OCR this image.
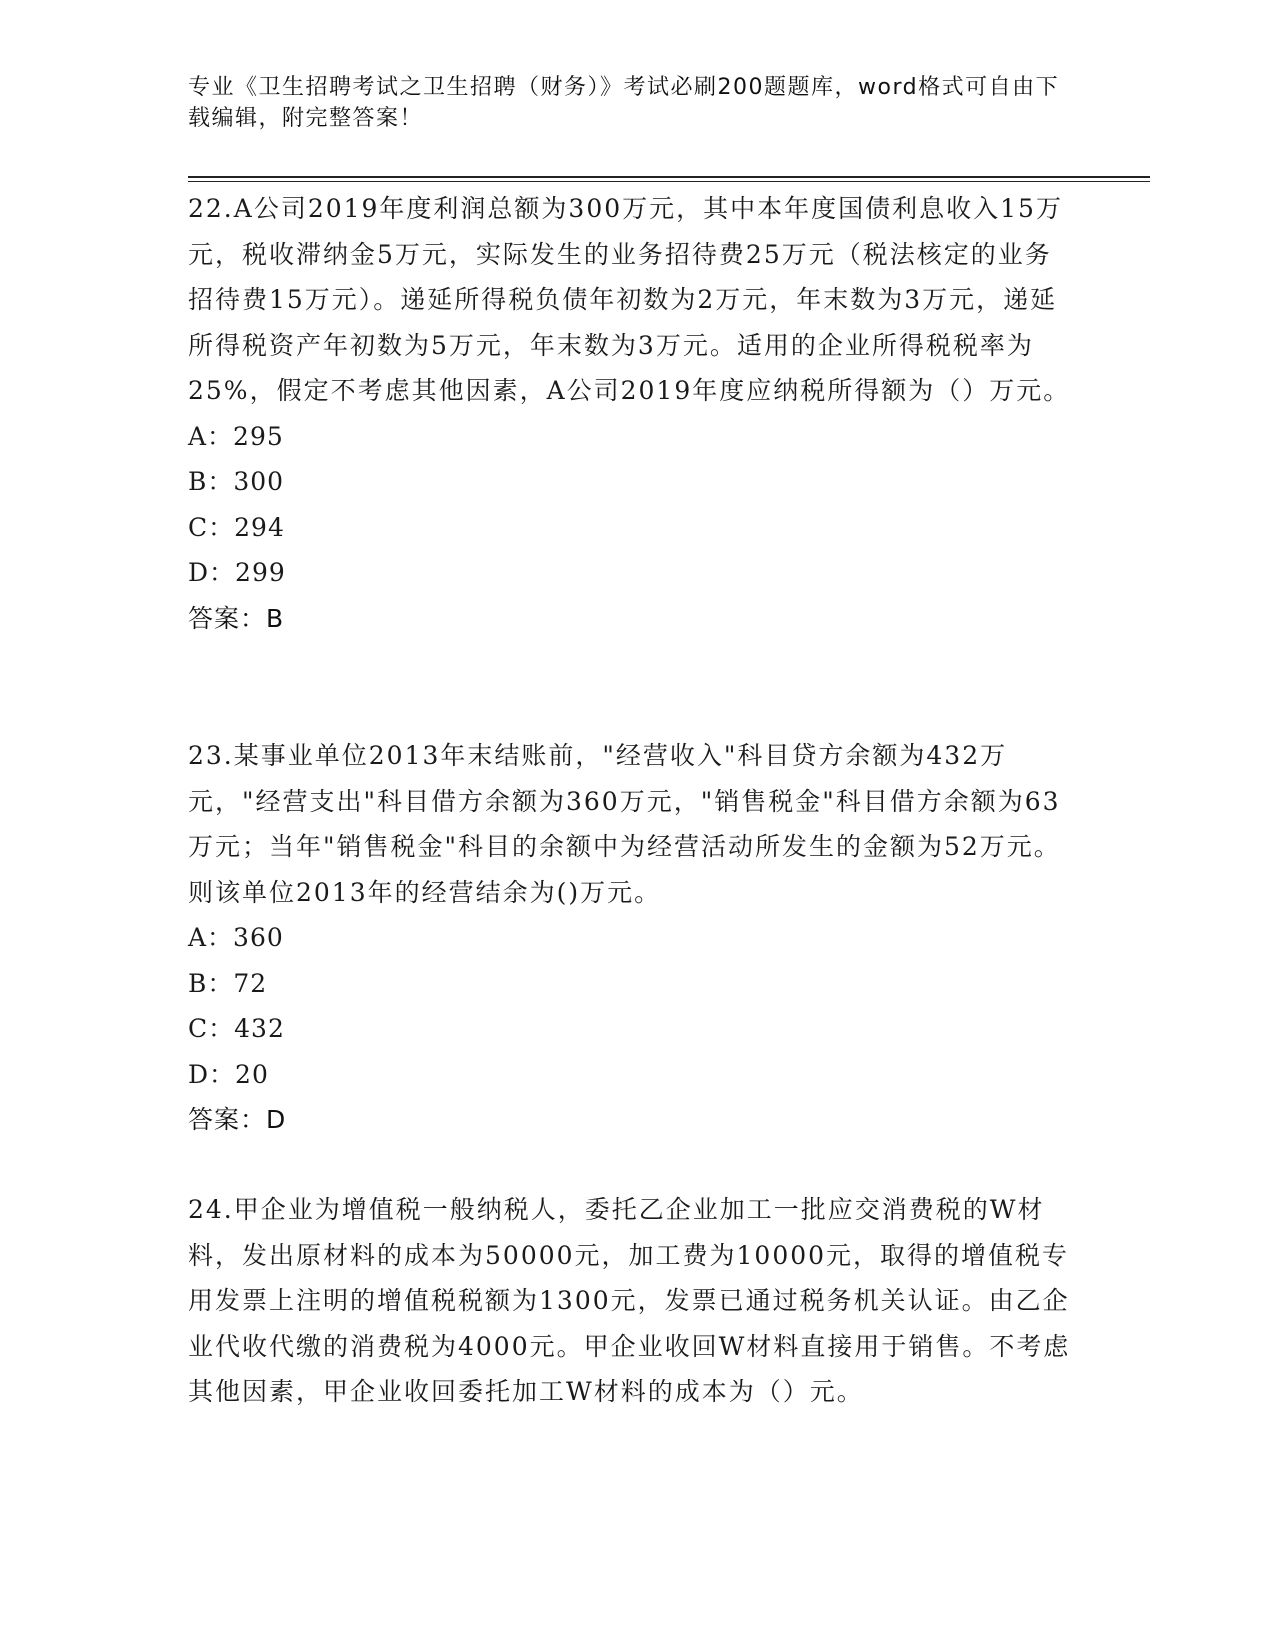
专业《卫生招聘考试之卫生招聘（财务）》考试必刷200题题库，word格式可自由下载编辑，附完整答案！

22.A公司2019年度利润总额为300万元，其中本年度国债利息收入15万元，税收滞纳金5万元，实际发生的业务招待费25万元（税法核定的业务招待费15万元）。递延所得税负债年初数为2万元，年末数为3万元，递延所得税资产年初数为5万元，年末数为3万元。适用的企业所得税税率为25%，假定不考虑其他因素，A公司2019年度应纳税所得额为（）万元。

A：295

B：300

C：294

D：299

答案：B

23.某事业单位2013年末结账前，"经营收入"科目贷方余额为432万元，"经营支出"科目借方余额为360万元，"销售税金"科目借方余额为63万元；当年"销售税金"科目的余额中为经营活动所发生的金额为52万元。则该单位2013年的经营结余为()万元。

A：360

B：72

C：432

D：20

答案：D

24.甲企业为增值税一般纳税人，委托乙企业加工一批应交消费税的W材料，发出原材料的成本为50000元，加工费为10000元，取得的增值税专用发票上注明的增值税税额为1300元，发票已通过税务机关认证。由乙企业代收代缴的消费税为4000元。甲企业收回W材料直接用于销售。不考虑其他因素，甲企业收回委托加工W材料的成本为（）元。
